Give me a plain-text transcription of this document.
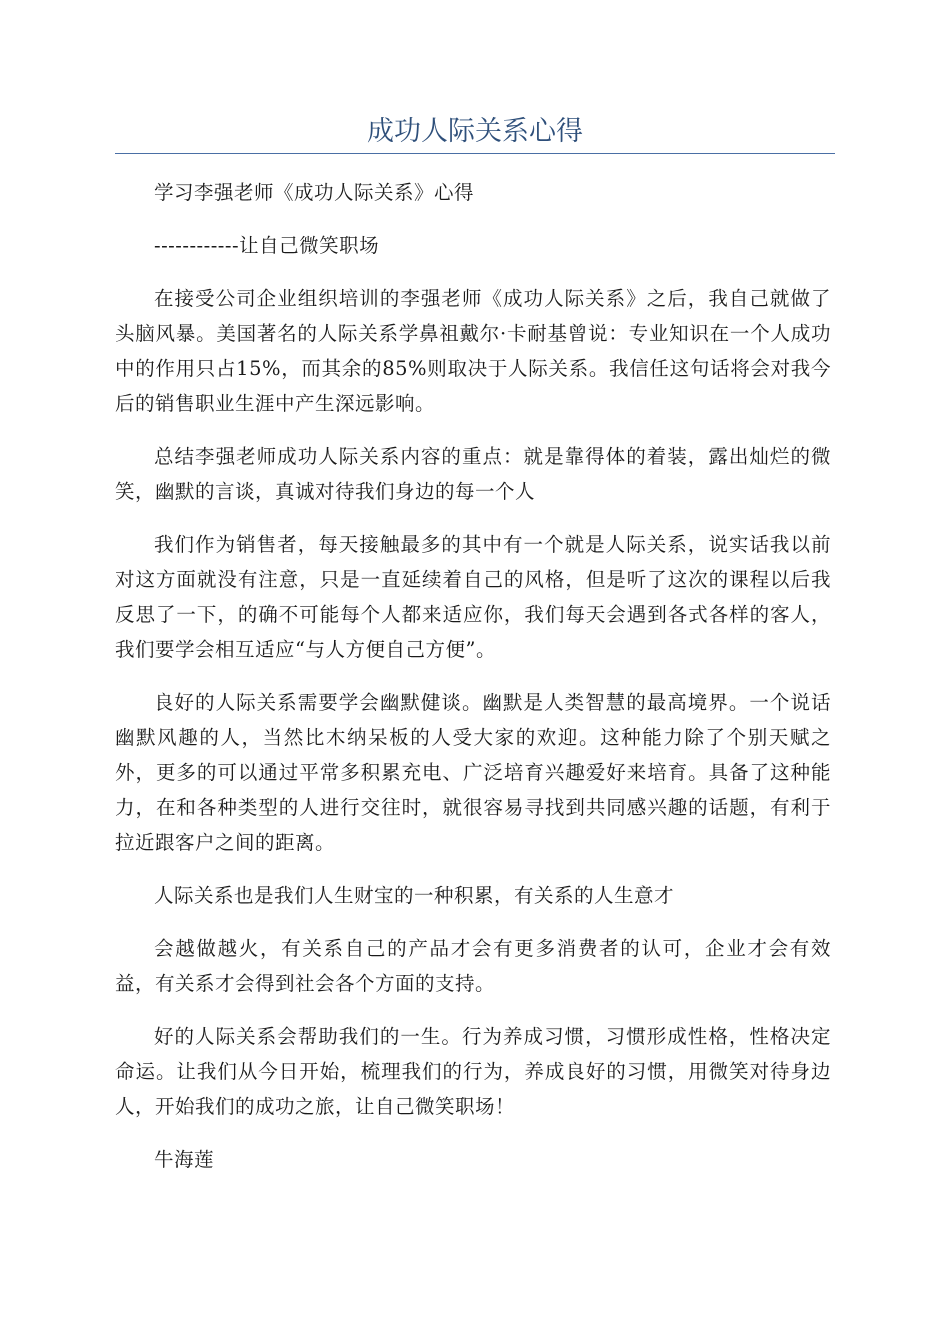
成功人际关系心得

学习李强老师《成功人际关系》心得

------------让自己微笑职场

在接受公司企业组织培训的李强老师《成功人际关系》之后，我自己就做了头脑风暴。美国著名的人际关系学鼻祖戴尔·卡耐基曾说：专业知识在一个人成功中的作用只占15%，而其余的85%则取决于人际关系。我信任这句话将会对我今后的销售职业生涯中产生深远影响。

总结李强老师成功人际关系内容的重点：就是靠得体的着装，露出灿烂的微笑，幽默的言谈，真诚对待我们身边的每一个人

我们作为销售者，每天接触最多的其中有一个就是人际关系，说实话我以前对这方面就没有注意，只是一直延续着自己的风格，但是听了这次的课程以后我反思了一下，的确不可能每个人都来适应你，我们每天会遇到各式各样的客人，我们要学会相互适应“与人方便自己方便”。

良好的人际关系需要学会幽默健谈。幽默是人类智慧的最高境界。一个说话幽默风趣的人，当然比木纳呆板的人受大家的欢迎。这种能力除了个别天赋之外，更多的可以通过平常多积累充电、广泛培育兴趣爱好来培育。具备了这种能力，在和各种类型的人进行交往时，就很容易寻找到共同感兴趣的话题，有利于拉近跟客户之间的距离。

人际关系也是我们人生财宝的一种积累，有关系的人生意才

会越做越火，有关系自己的产品才会有更多消费者的认可，企业才会有效益，有关系才会得到社会各个方面的支持。

好的人际关系会帮助我们的一生。行为养成习惯，习惯形成性格，性格决定命运。让我们从今日开始，梳理我们的行为，养成良好的习惯，用微笑对待身边人，开始我们的成功之旅，让自己微笑职场！

牛海莲
